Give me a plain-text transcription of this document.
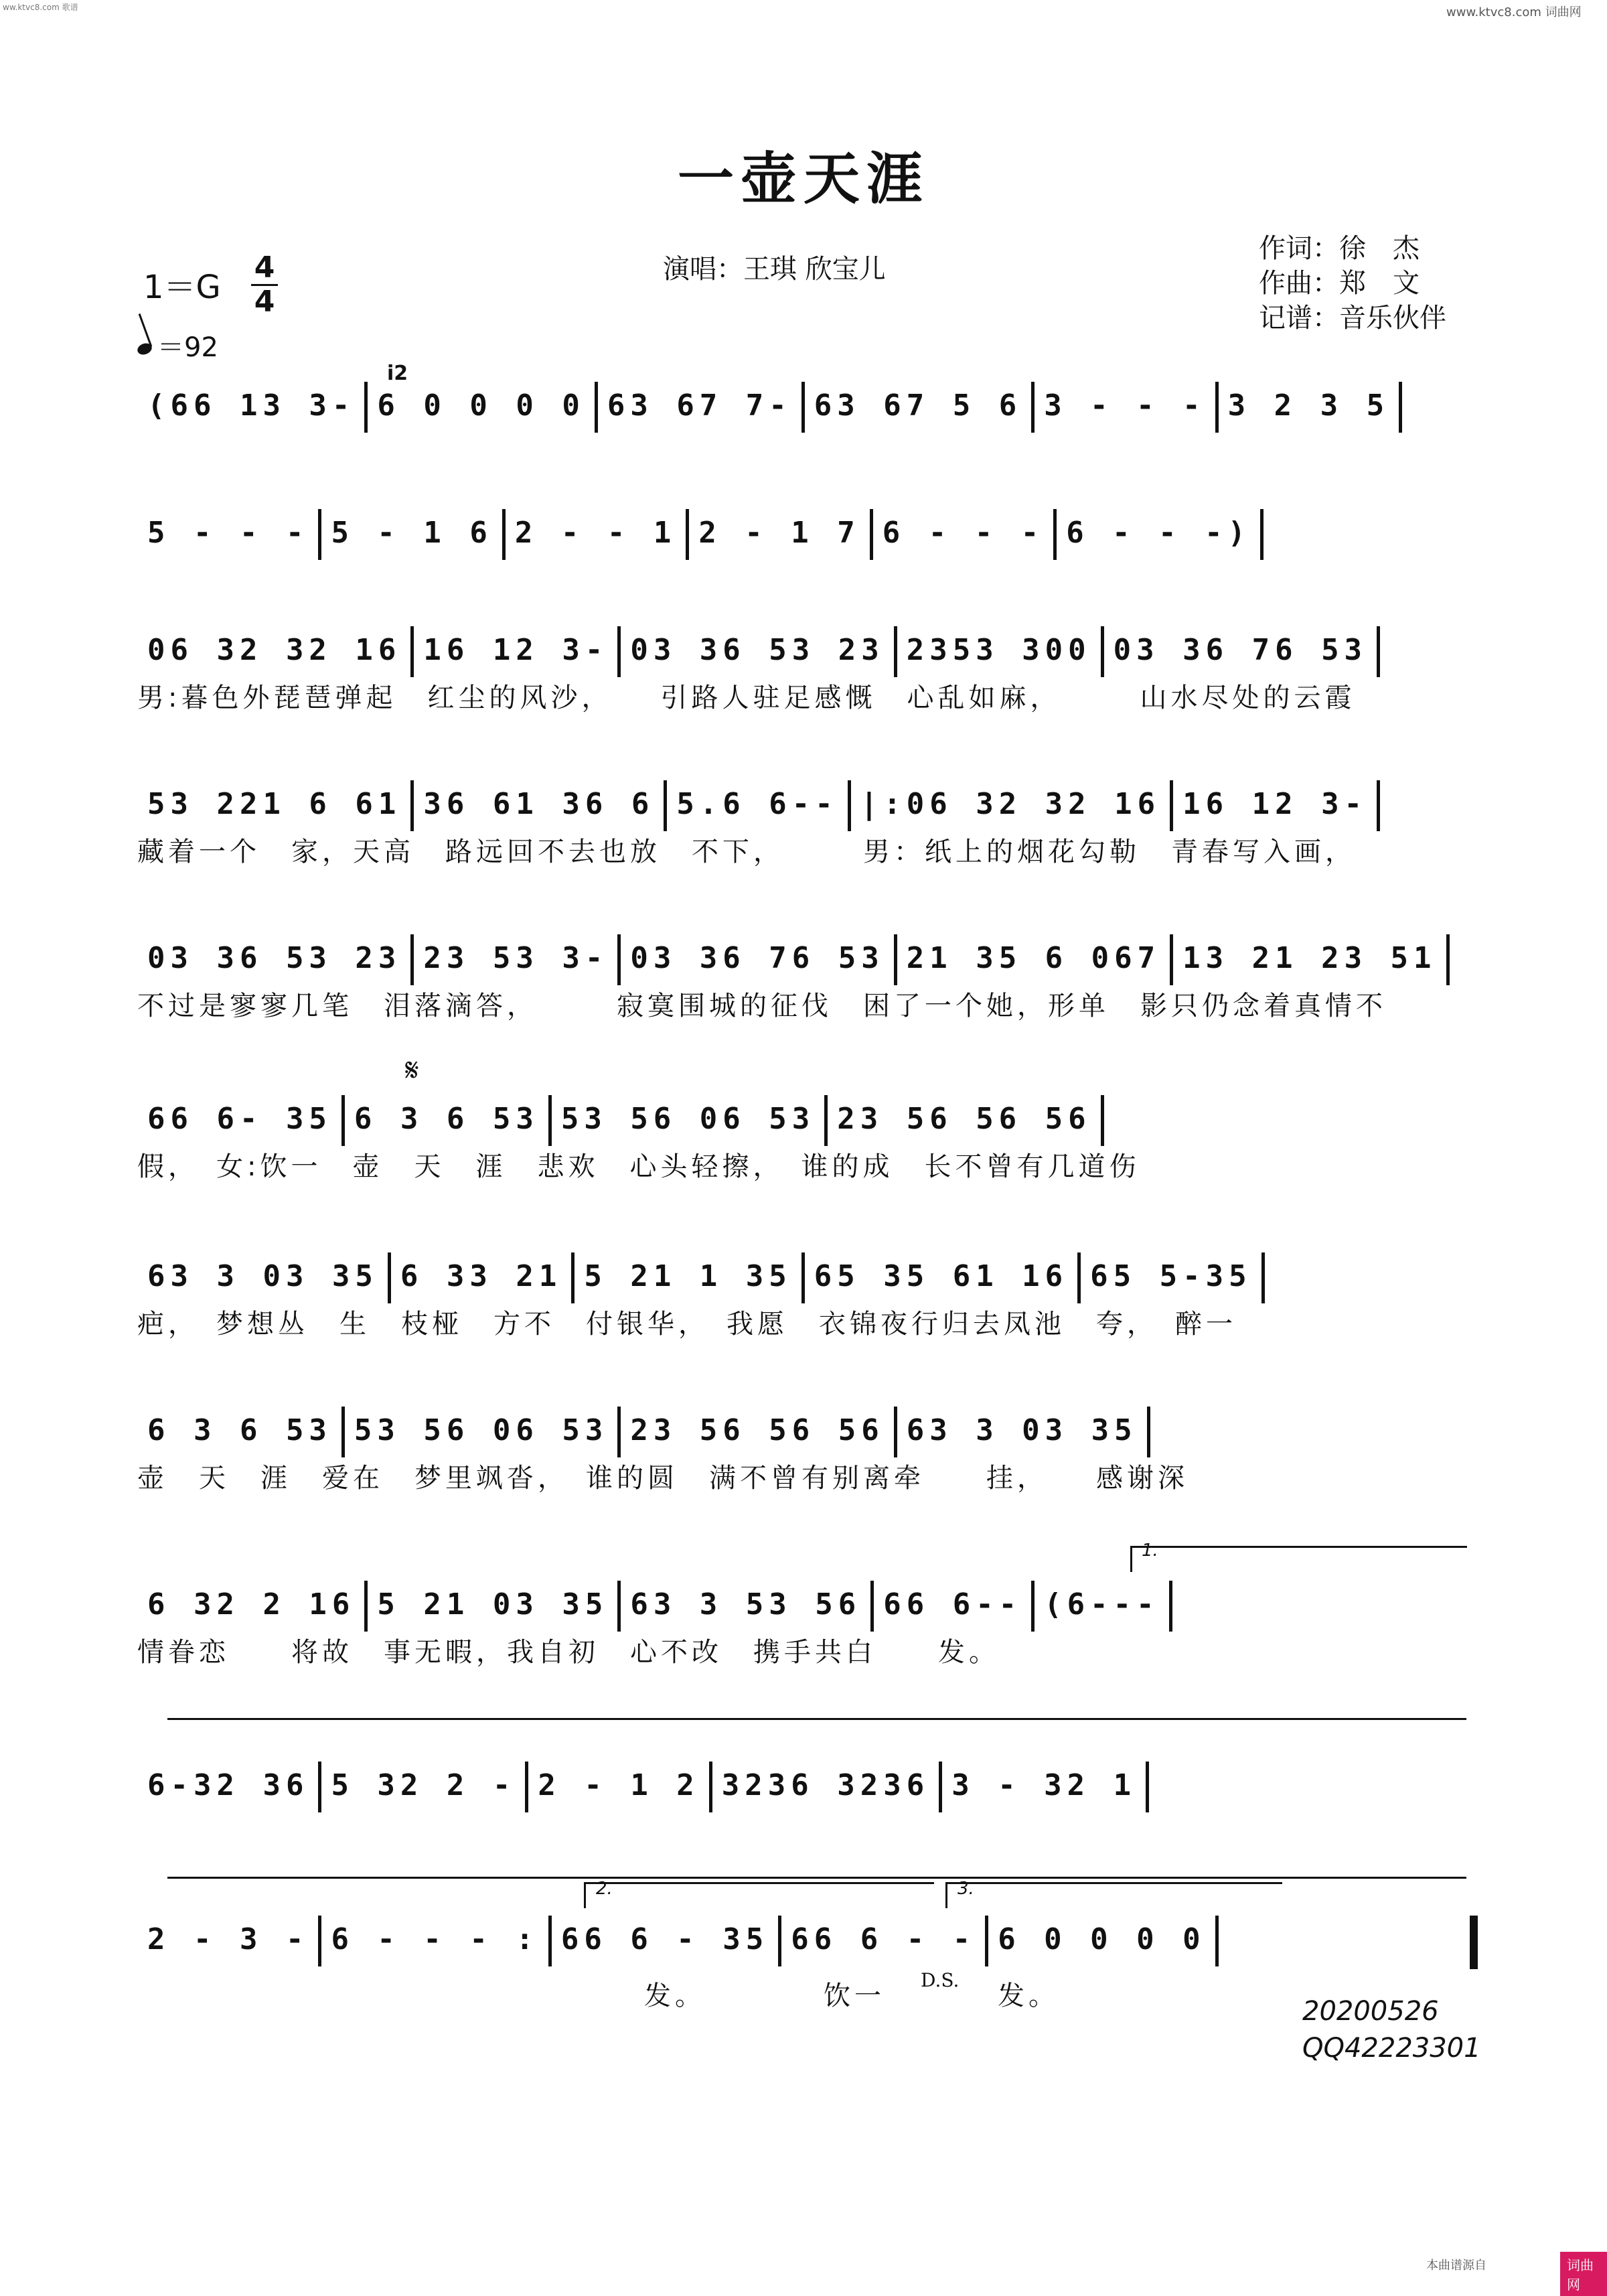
ww.ktvc8.com 歌谱	www.ktvc8.com 词曲网
一壶天涯
演唱：王琪 欣宝儿
作词：徐　杰
作曲：郑　文
记谱：音乐伙伴
1＝G
4
4
＝92
(66 13 3- 6 0 0 0 0 63 67 7- 63 67 5 6 3 - - - 3 2 3 5
5 - - - 5 - 1 6 2 - - 1 2 - 1 7 6 - - - 6 - - -)
06 32 32 16 16 12 3- 03 36 53 23 2353 300 03 36 76 53
男:暮色外琵琶弹起　红尘的风沙，　　引路人驻足感慨　心乱如麻，　　　山水尽处的云霞
53 221 6 61 36 61 36 6 5.6 6-- |:06 32 32 16 16 12 3-
藏着一个　家，天高　路远回不去也放　不下，　　　男：纸上的烟花勾勒　青春写入画，
03 36 53 23 23 53 3- 03 36 76 53 21 35 6 067 13 21 23 51
不过是寥寥几笔　泪落滴答，　　　寂寞围城的征伐　困了一个她，形单　影只仍念着真情不
66 6- 35 6 3 6 53 53 56 06 53 23 56 56 56
假，　女:饮一　壶　天　涯　悲欢　心头轻擦，　谁的成　长不曾有几道伤
63 3 03 35 6 33 21 5 21 1 35 65 35 61 16 65 5-35
疤，　梦想丛　生　枝桠　方不　付银华，　我愿　衣锦夜行归去凤池　夸，　醉一
6 3 6 53 53 56 06 53 23 56 56 56 63 3 03 35
壶　天　涯　爱在　梦里飒沓，　谁的圆　满不曾有别离牵　　挂，　　感谢深
6 32 2 16 5 21 03 35 63 3 53 56 66 6-- (6---
情眷恋　　将故　事无暇，我自初　心不改　携手共白　　发。
6-32 36 5 32 2 - 2 - 1 2 3236 3236 3 - 32 1
2 - 3 - 6 - - - : 66 6 - 35 66 6 - - 6 0 0 0 0

1.
2.	3.
𝄋
i2
发。	饮一
D.S.
发。	20200526
QQ42223301
本曲谱源自	词曲网
